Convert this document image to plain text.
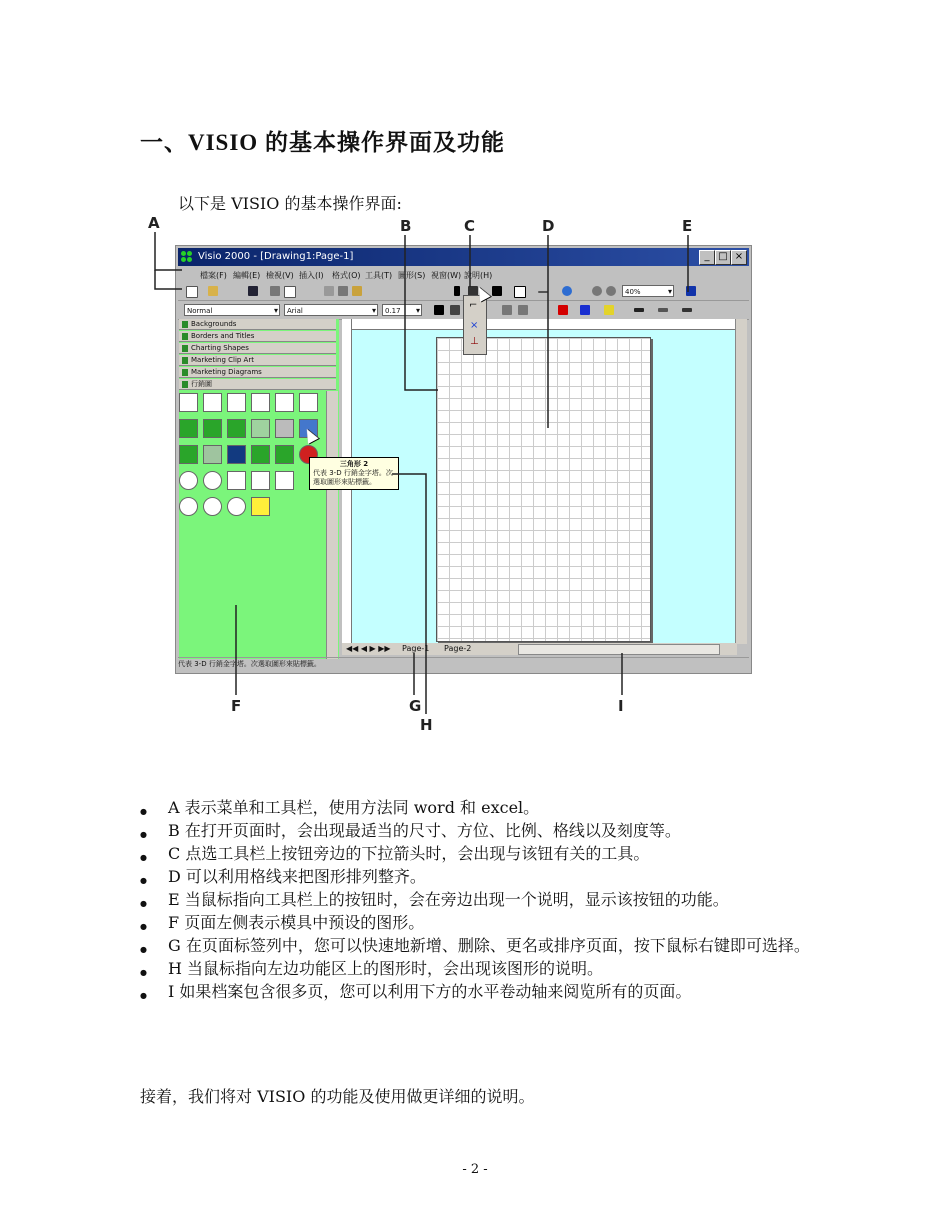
一、VISIO 的基本操作界面及功能
以下是 VISIO 的基本操作界面:
A	B	C	D	E
F	G
H
I
Visio 2000 - [Drawing1:Page-1]	_ □ ×
檔案(F) 編輯(E) 檢視(V) 插入(I) 格式(O) 工具(T) 圖形(S) 視窗(W) 說明(H)
40% ▾
Normal ▾	Arial ▾	0.17 ▾
Backgrounds
Borders and Titles
Charting Shapes
Marketing Clip Art
Marketing Diagrams
行銷圖
◀◀ ◀ ▶ ▶▶ Page-1 Page-2
代表 3-D 行銷金字塔。次選取圖形來貼標籤。
⌐
×
⊥
三角形 2
代表 3-D 行銷金字塔。次選取圖形來貼標籤。
● A 表示菜单和工具栏，使用方法同 word 和 excel。
● B 在打开页面时，会出现最适当的尺寸、方位、比例、格线以及刻度等。
● C 点选工具栏上按钮旁边的下拉箭头时，会出现与该钮有关的工具。
● D 可以利用格线来把图形排列整齐。
● E 当鼠标指向工具栏上的按钮时，会在旁边出现一个说明，显示该按钮的功能。
● F 页面左侧表示模具中预设的图形。
● G 在页面标签列中，您可以快速地新增、删除、更名或排序页面，按下鼠标右键即可选择。
● H 当鼠标指向左边功能区上的图形时，会出现该图形的说明。
● I 如果档案包含很多页，您可以利用下方的水平卷动轴来阅览所有的页面。
接着，我们将对 VISIO 的功能及使用做更详细的说明。
- 2 -
